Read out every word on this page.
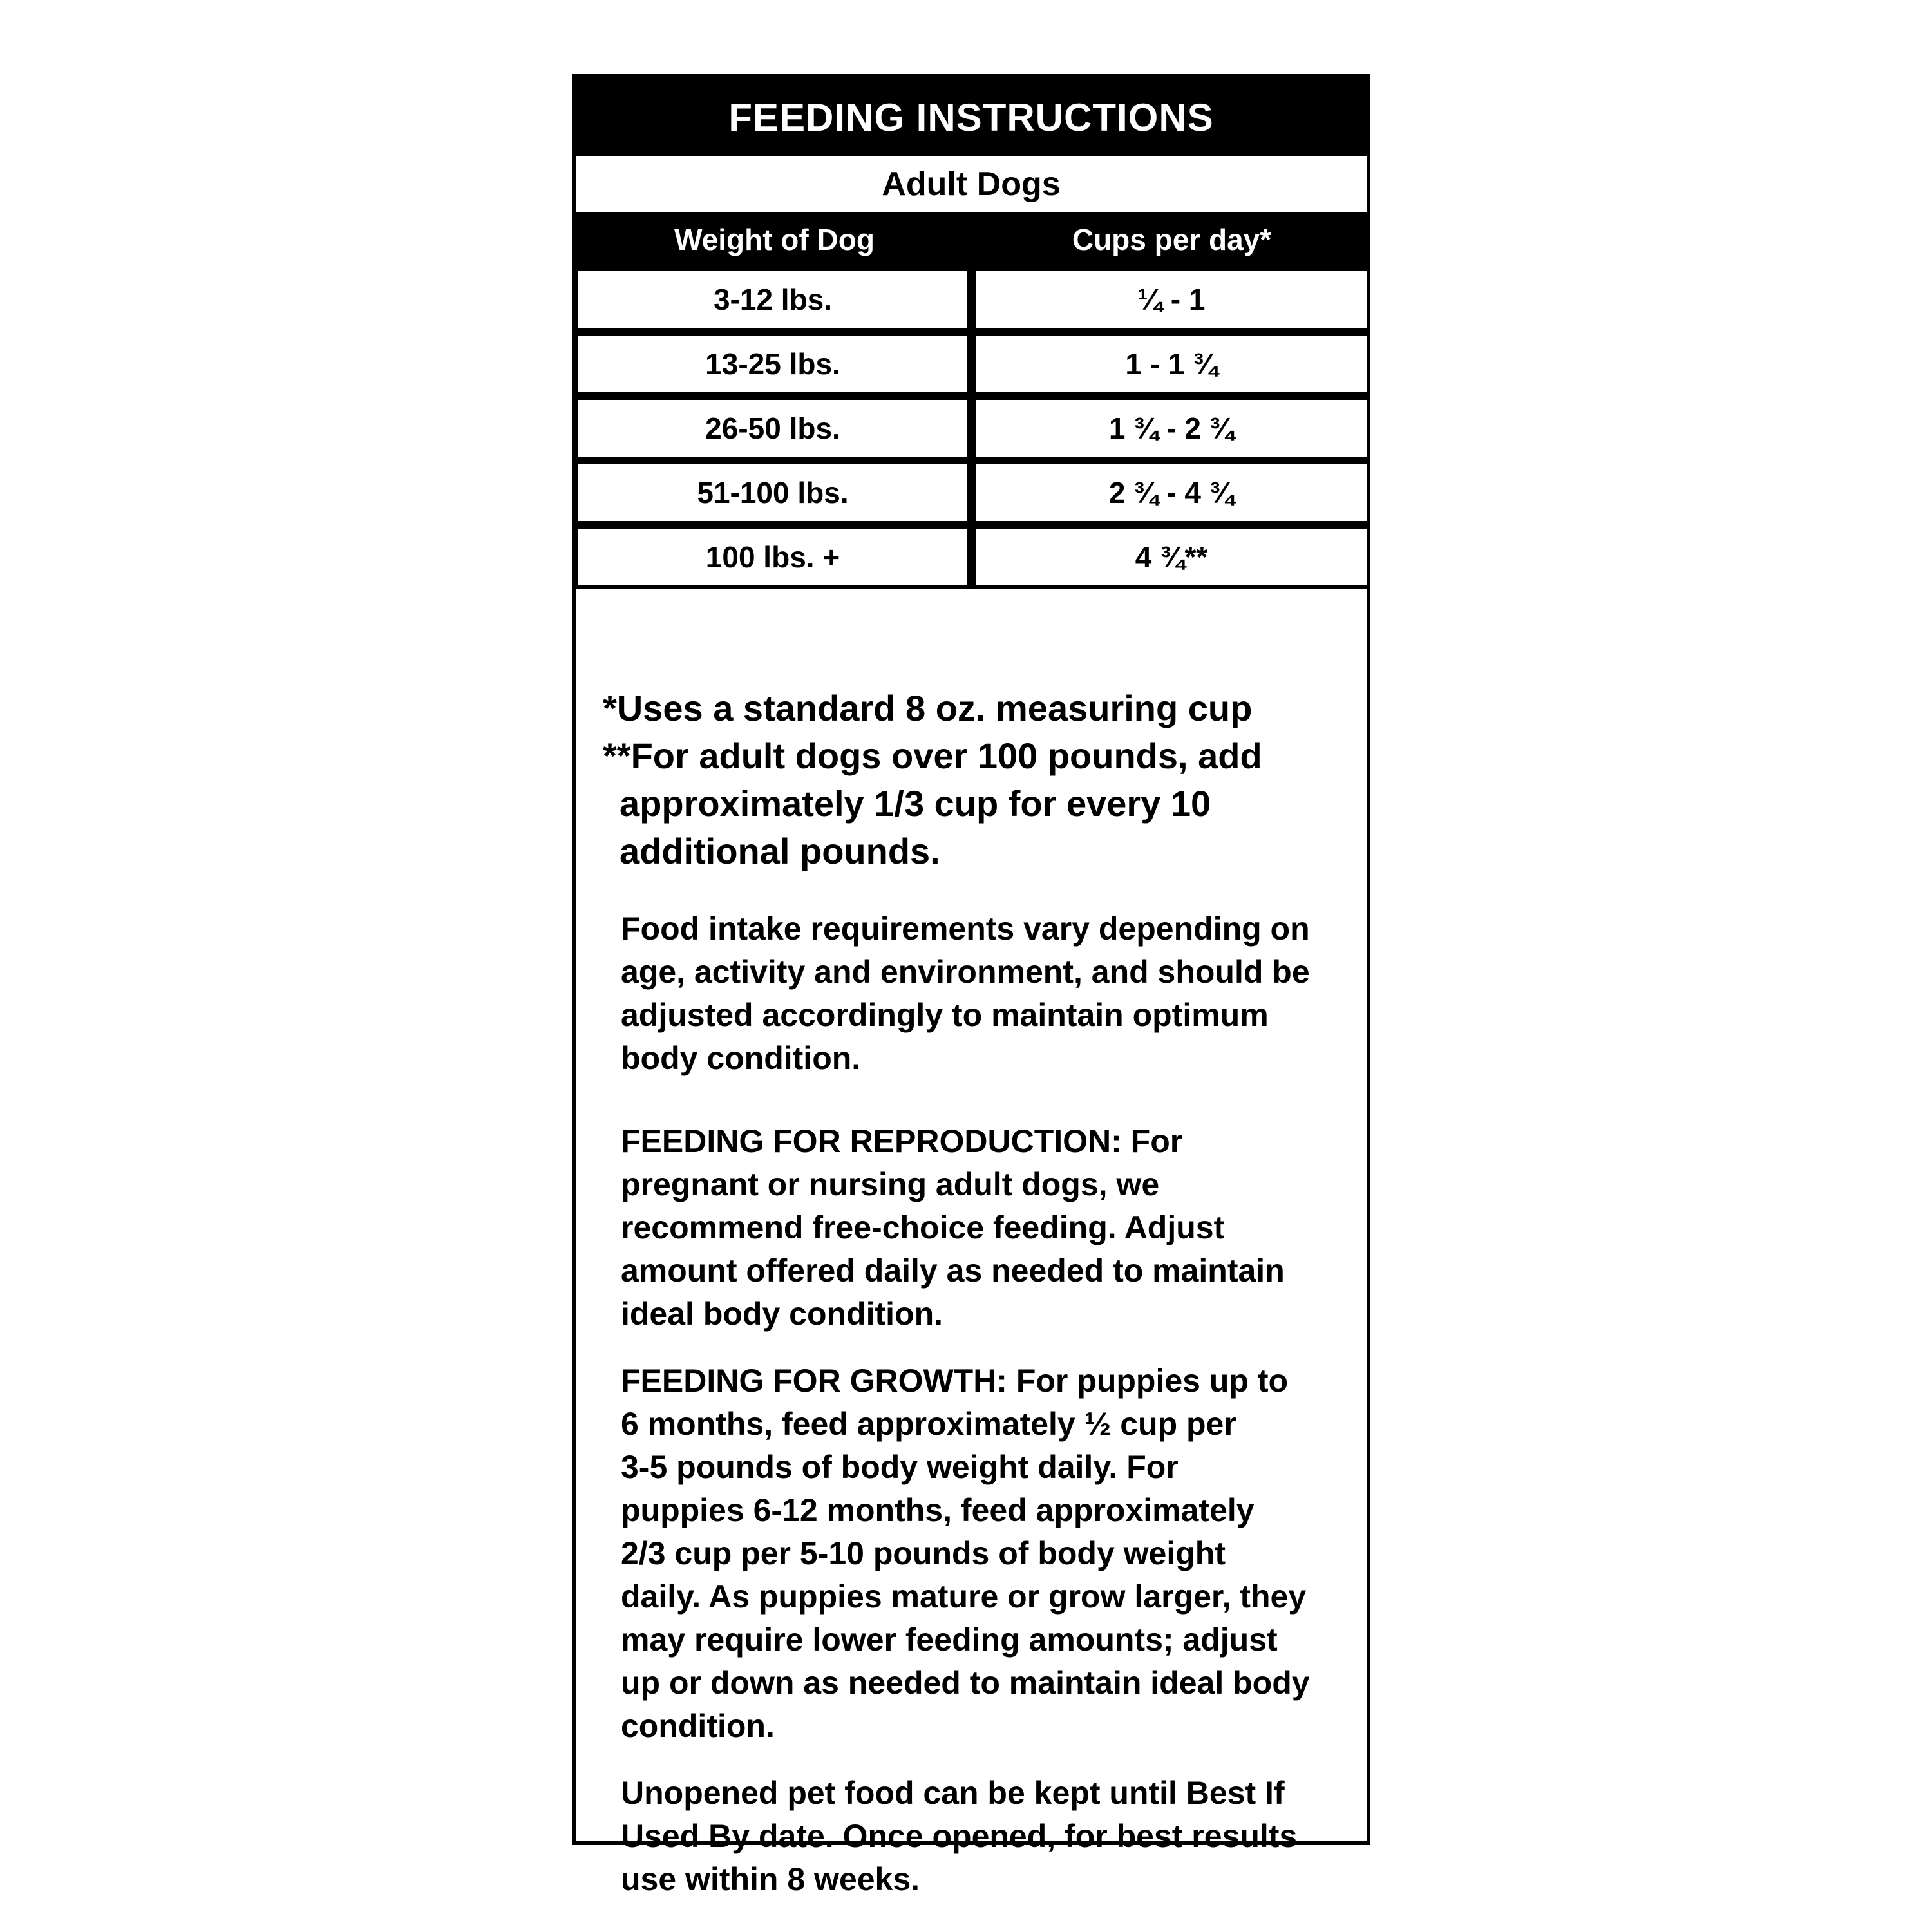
FEEDING INSTRUCTIONS
Adult Dogs
Weight of Dog	Cups per day*
3-12 lbs.	¼ - 1
13-25 lbs.	1 - 1 ¾
26-50 lbs.	1 ¾ - 2 ¾
51-100 lbs.	2 ¾ - 4 ¾
100 lbs. +	4 ¾**
*Uses a standard 8 oz. measuring cup
**For adult dogs over 100 pounds, add
approximately 1/3 cup for every 10
additional pounds.

Food intake requirements vary depending on
age, activity and environment, and should be
adjusted accordingly to maintain optimum
body condition.

FEEDING FOR REPRODUCTION: For
pregnant or nursing adult dogs, we
recommend free-choice feeding. Adjust
amount offered daily as needed to maintain
ideal body condition.

FEEDING FOR GROWTH: For puppies up to
6 months, feed approximately ½ cup per
3-5 pounds of body weight daily. For
puppies 6-12 months, feed approximately
2/3 cup per 5-10 pounds of body weight
daily. As puppies mature or grow larger, they
may require lower feeding amounts; adjust
up or down as needed to maintain ideal body
condition.

Unopened pet food can be kept until Best If
Used By date. Once opened, for best results
use within 8 weeks.
